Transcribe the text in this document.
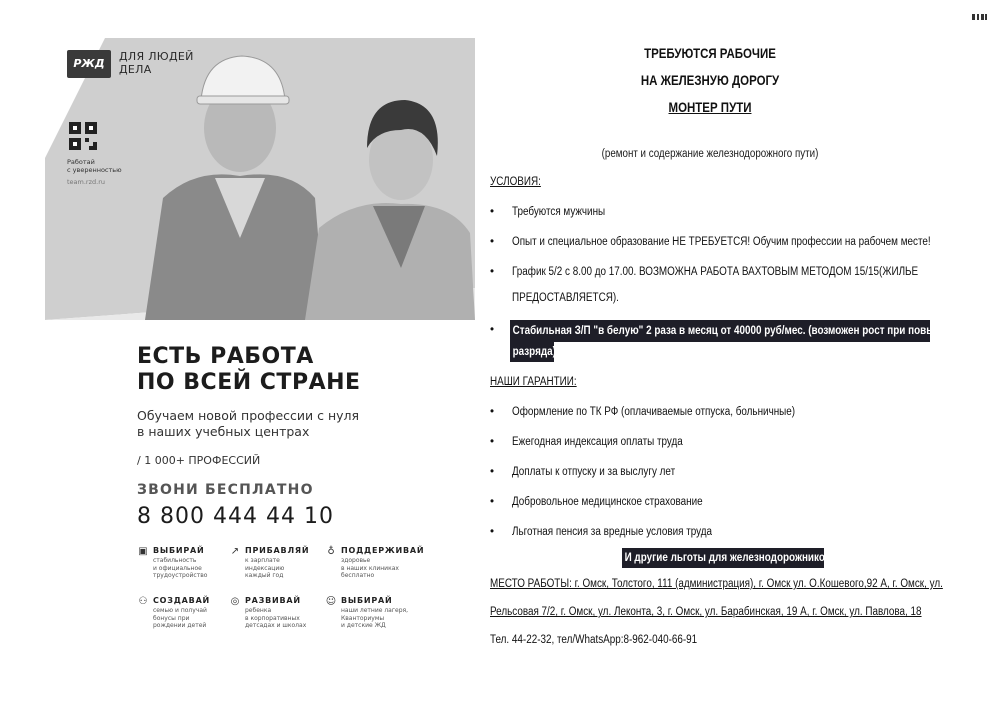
РЖД
ДЛЯ ЛЮДЕЙ
ДЕЛА
Работай
с уверенностью
team.rzd.ru
ЕСТЬ РАБОТА
ПО ВСЕЙ СТРАНЕ
Обучаем новой профессии с нуля
в наших учебных центрах
/ 1 000+ ПРОФЕССИЙ
ЗВОНИ БЕСПЛАТНО
8 800 444 44 10
▣ ВЫБИРАЙ
стабильность
и официальное
трудоустройство
↗ ПРИБАВЛЯЙ
к зарплате
индексацию
каждый год
♁ ПОДДЕРЖИВАЙ
здоровье
в наших клиниках
бесплатно
⚇ СОЗДАВАЙ
семью и получай
бонусы при
рождении детей
◎ РАЗВИВАЙ
ребенка
в корпоративных
детсадах и школах
☺ ВЫБИРАЙ
наши летние лагеря,
Кванториумы
и детские ЖД
ТРЕБУЮТСЯ РАБОЧИЕ
НА ЖЕЛЕЗНУЮ ДОРОГУ
МОНТЕР ПУТИ
(ремонт и содержание железнодорожного пути)
УСЛОВИЯ:
• Требуются мужчины
• Опыт и специальное образование НЕ ТРЕБУЕТСЯ! Обучим профессии на рабочем месте!
• График 5/2 с 8.00 до 17.00. ВОЗМОЖНА РАБОТА ВАХТОВЫМ МЕТОДОМ 15/15(ЖИЛЬЕ
ПРЕДОСТАВЛЯЕТСЯ).
• Стабильная З/П "в белую" 2 раза в месяц от 40000 руб/мес. (возможен рост при повышении
разряда)
НАШИ ГАРАНТИИ:
• Оформление по ТК РФ (оплачиваемые отпуска, больничные)
• Ежегодная индексация оплаты труда
• Доплаты к отпуску и за выслугу лет
• Добровольное медицинское страхование
• Льготная пенсия за вредные условия труда
И другие льготы для железнодорожников!
МЕСТО РАБОТЫ: г. Омск, Толстого, 111 (администрация), г. Омск ул. О.Кошевого,92 А, г. Омск, ул.
Рельсовая 7/2, г. Омск, ул. Леконта, 3, г. Омск, ул. Барабинская, 19 А, г. Омск, ул. Павлова, 18
Тел. 44-22-32, тел/WhatsApp:8-962-040-66-91
